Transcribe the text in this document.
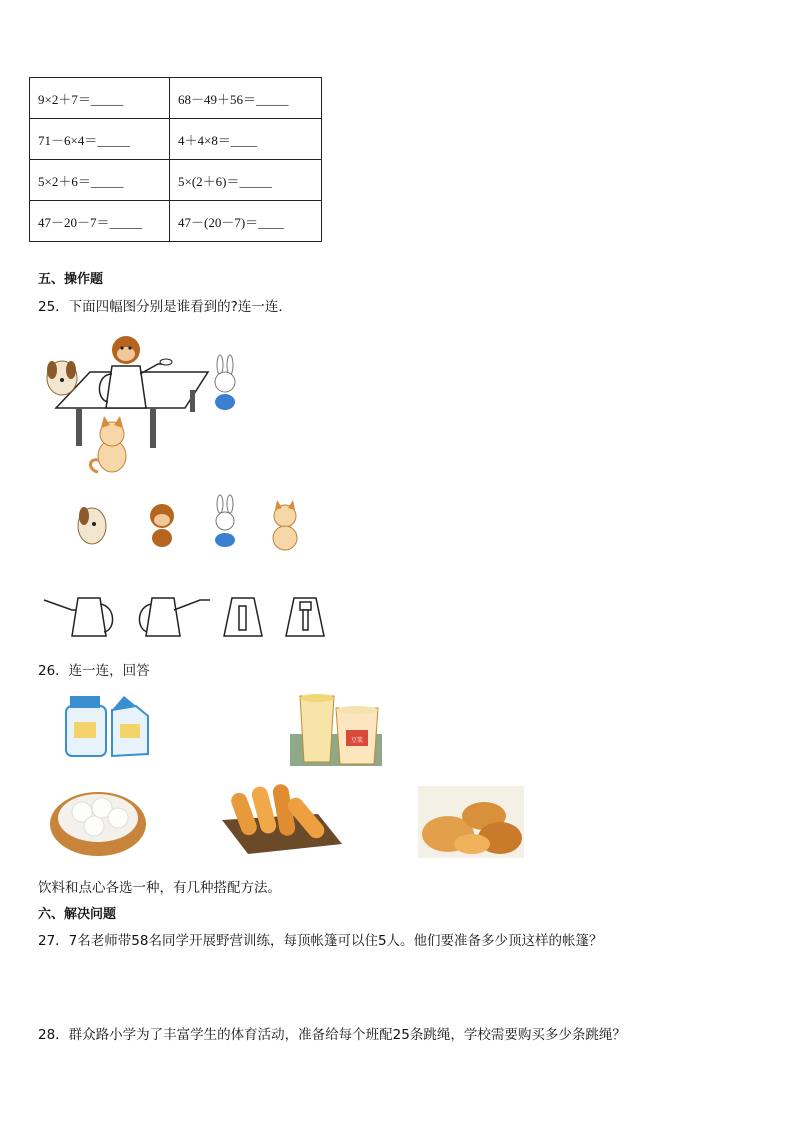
9×2＋7＝_____	68－49＋56＝_____
71－6×4＝_____	4＋4×8＝____
5×2＋6＝_____	5×(2＋6)＝_____
47－20－7＝_____	47－(20－7)＝____
五、操作题
25．下面四幅图分别是谁看到的?连一连．
26．连一连，回答
豆浆
饮料和点心各选一种，有几种搭配方法。
六、解决问题
27．7名老师带58名同学开展野营训练，每顶帐篷可以住5人。他们要准备多少顶这样的帐篷？
28．群众路小学为了丰富学生的体育活动，准备给每个班配25条跳绳，学校需要购买多少条跳绳？
